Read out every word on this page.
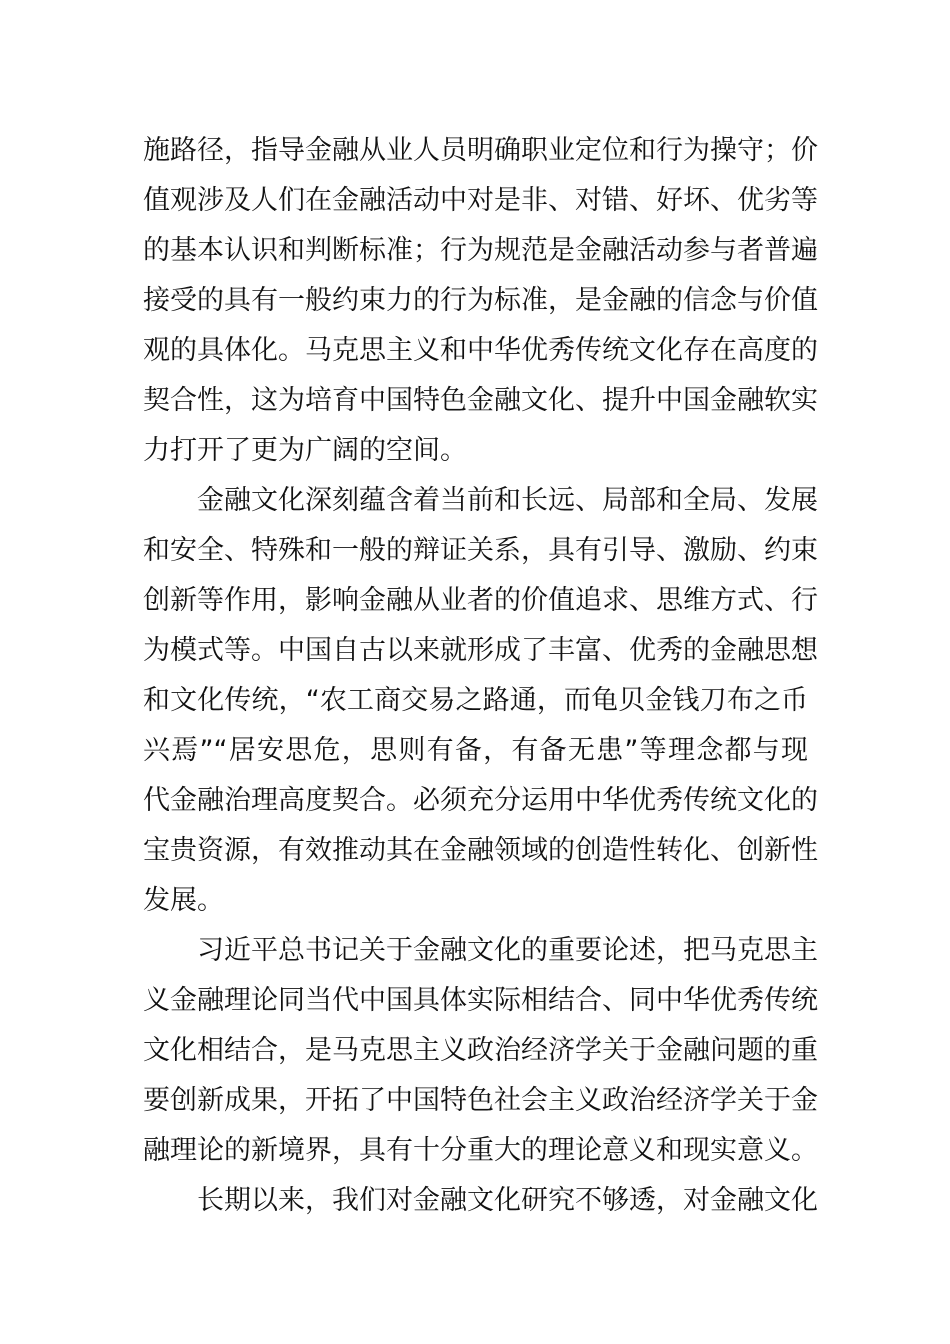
施路径，指导金融从业人员明确职业定位和行为操守；价
值观涉及人们在金融活动中对是非、对错、好坏、优劣等
的基本认识和判断标准；行为规范是金融活动参与者普遍
接受的具有一般约束力的行为标准，是金融的信念与价值
观的具体化。马克思主义和中华优秀传统文化存在高度的
契合性，这为培育中国特色金融文化、提升中国金融软实
力打开了更为广阔的空间。
金融文化深刻蕴含着当前和长远、局部和全局、发展
和安全、特殊和一般的辩证关系，具有引导、激励、约束
创新等作用，影响金融从业者的价值追求、思维方式、行
为模式等。中国自古以来就形成了丰富、优秀的金融思想
和文化传统，“农工商交易之路通，而龟贝金钱刀布之币
兴焉”“居安思危，思则有备，有备无患”等理念都与现
代金融治理高度契合。必须充分运用中华优秀传统文化的
宝贵资源，有效推动其在金融领域的创造性转化、创新性
发展。
习近平总书记关于金融文化的重要论述，把马克思主
义金融理论同当代中国具体实际相结合、同中华优秀传统
文化相结合，是马克思主义政治经济学关于金融问题的重
要创新成果，开拓了中国特色社会主义政治经济学关于金
融理论的新境界，具有十分重大的理论意义和现实意义。
长期以来，我们对金融文化研究不够透，对金融文化
